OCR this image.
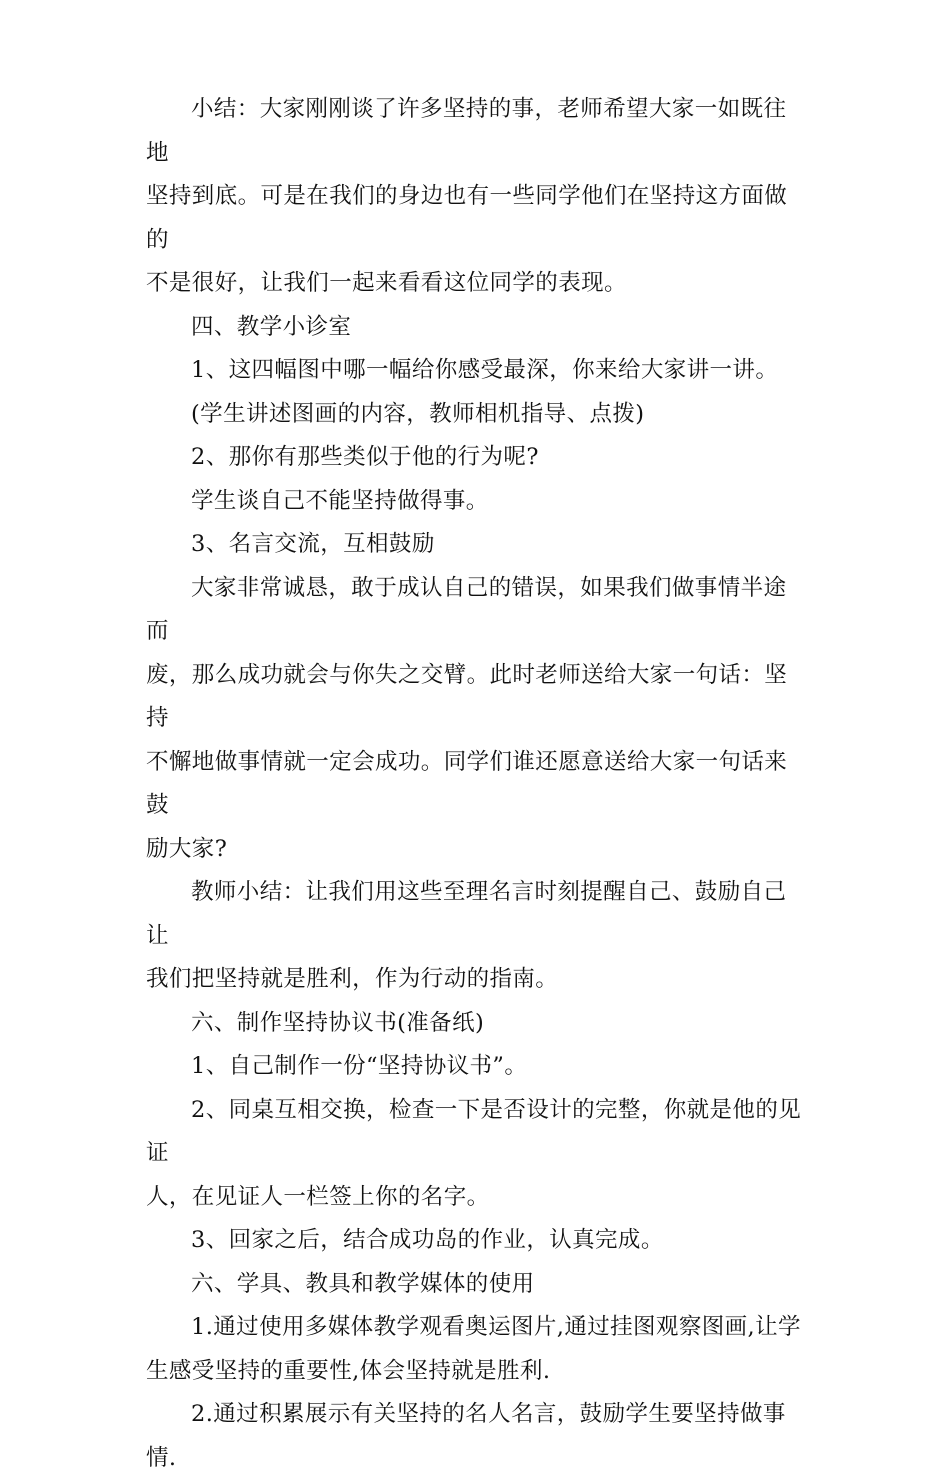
小结：大家刚刚谈了许多坚持的事，老师希望大家一如既往地
坚持到底。可是在我们的身边也有一些同学他们在坚持这方面做的
不是很好，让我们一起来看看这位同学的表现。

四、教学小诊室

1、这四幅图中哪一幅给你感受最深，你来给大家讲一讲。

(学生讲述图画的内容，教师相机指导、点拨)

2、那你有那些类似于他的行为呢?

学生谈自己不能坚持做得事。

3、名言交流，互相鼓励

大家非常诚恳，敢于成认自己的错误，如果我们做事情半途而
废，那么成功就会与你失之交臂。此时老师送给大家一句话：坚持
不懈地做事情就一定会成功。同学们谁还愿意送给大家一句话来鼓
励大家?

教师小结：让我们用这些至理名言时刻提醒自己、鼓励自己让
我们把坚持就是胜利，作为行动的指南。

六、制作坚持协议书(准备纸)

1、自己制作一份“坚持协议书”。

2、同桌互相交换，检查一下是否设计的完整，你就是他的见证
人，在见证人一栏签上你的名字。

3、回家之后，结合成功岛的作业，认真完成。

六、学具、教具和教学媒体的使用

1.通过使用多媒体教学观看奥运图片,通过挂图观察图画,让学
生感受坚持的重要性,体会坚持就是胜利.

2.通过积累展示有关坚持的名人名言，鼓励学生要坚持做事情.
